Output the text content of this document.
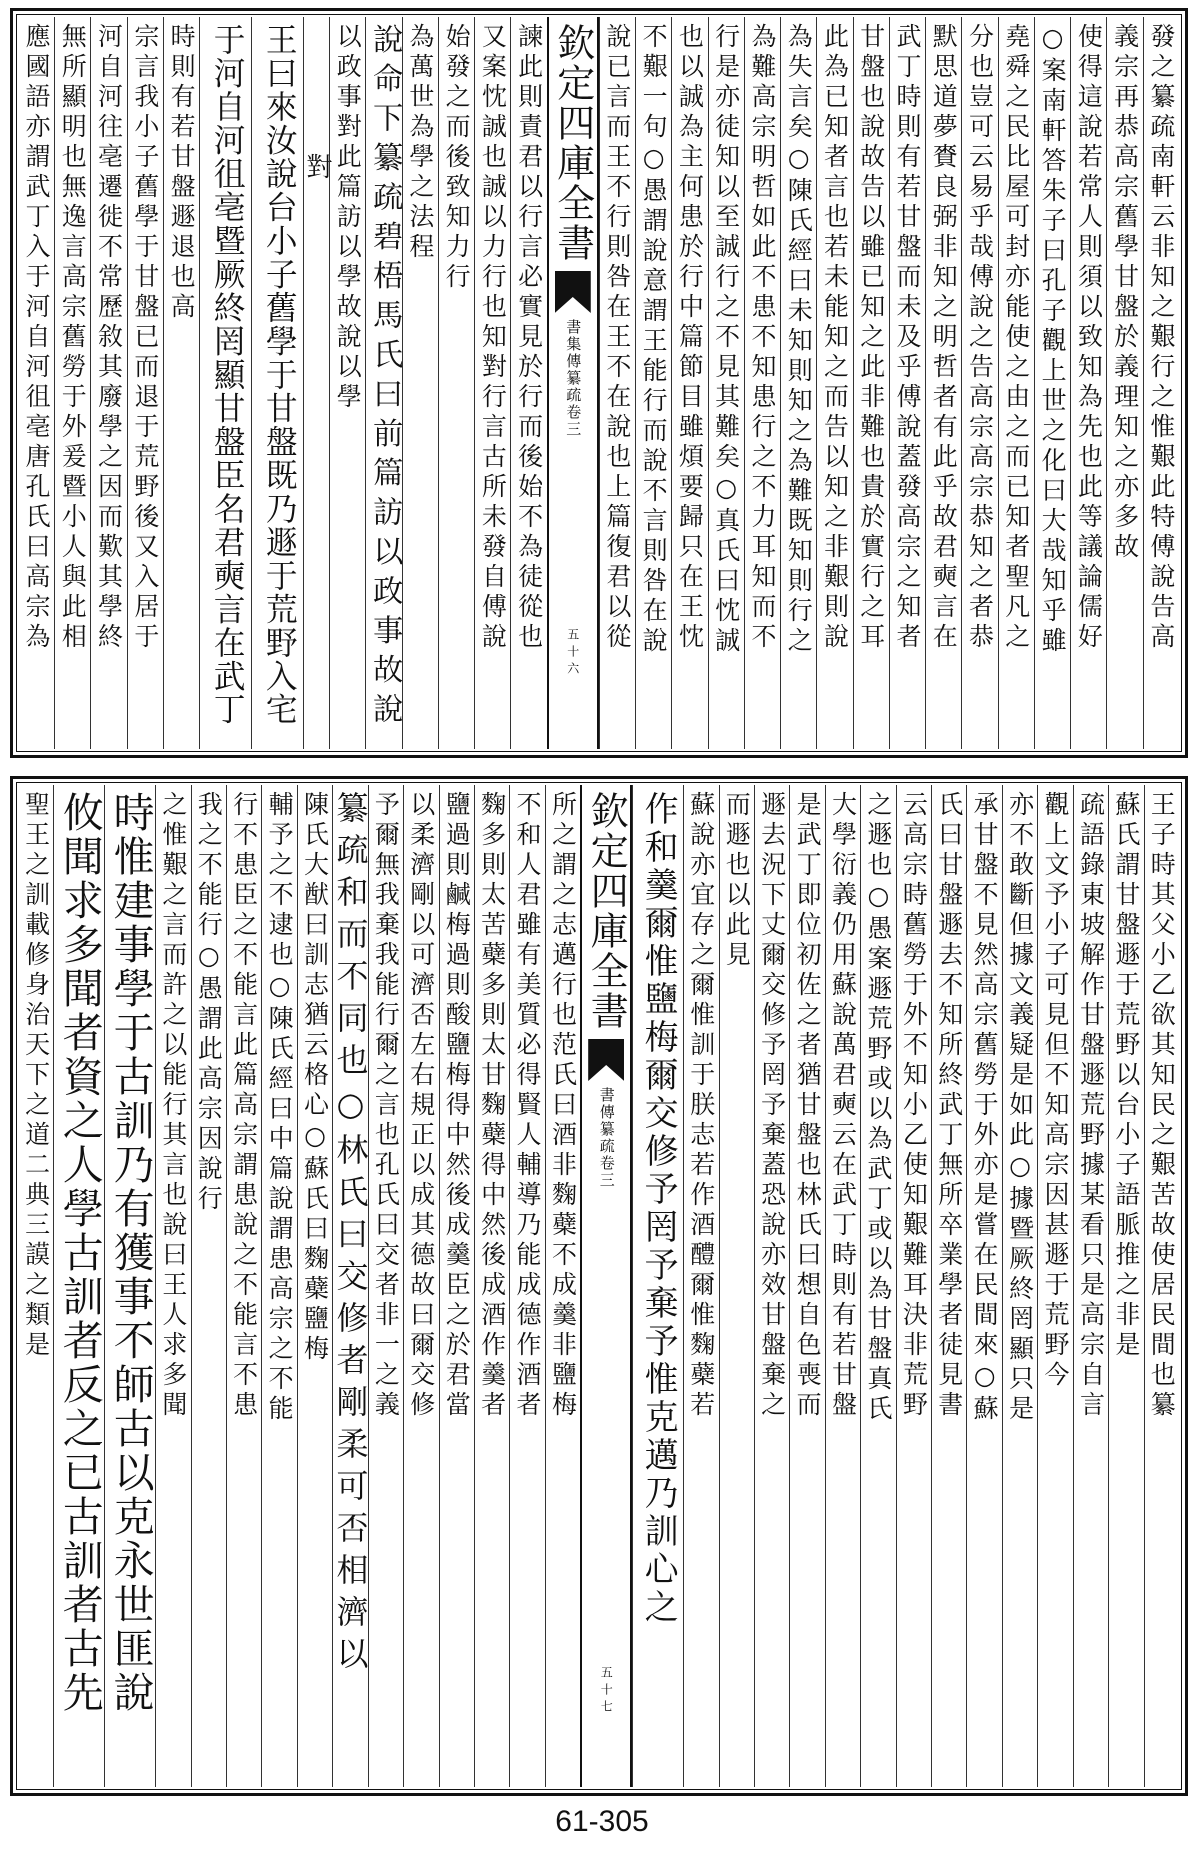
發之纂疏南軒云非知之艱行之惟艱此特傅說告高
義宗再恭高宗舊學甘盤於義理知之亦多故
使得這說若常人則須以致知為先也此等議論儒好
○案南軒答朱子曰孔子觀上世之化曰大哉知乎雖
堯舜之民比屋可封亦能使之由之而已知者聖凡之
分也豈可云易乎哉傅說之告高宗高宗恭知之者恭
默思道夢賚良弼非知之明哲者有此乎故君奭言在
武丁時則有若甘盤而未及乎傅說蓋發高宗之知者
甘盤也說故告以雖已知之此非難也貴於實行之耳
此為已知者言也若未能知之而告以知之非艱則說
為失言矣○陳氏經曰未知則知之為難既知則行之
為難高宗明哲如此不患不知患行之不力耳知而不
行是亦徒知以至誠行之不見其難矣○真氏曰忱誠
也以誠為主何患於行中篇節目雖煩要歸只在王忱
不艱一句○愚謂說意謂王能行而說不言則咎在說
說已言而王不行則咎在王不在說也上篇復君以從
欽定四庫全書
書集傳纂疏卷三
五十六
諫此則責君以行言必實見於行而後始不為徒從也
又案忱誠也誠以力行也知對行言古所未發自傅說
始發之而後致知力行
為萬世為學之法程
說命下纂疏碧梧馬氏曰前篇訪以政事故說
以政事對此篇訪以學故說以學
對
王曰來汝說台小子舊學于甘盤既乃遯于荒野入宅
于河自河徂亳暨厥終罔顯甘盤臣名君奭言在武丁
時則有若甘盤遯退也高
宗言我小子舊學于甘盤已而退于荒野後又入居于
河自河往亳遷徙不常歷敘其廢學之因而歎其學終
無所顯明也無逸言高宗舊勞于外爰暨小人與此相
應國語亦謂武丁入于河自河徂亳唐孔氏曰高宗為
王子時其父小乙欲其知民之艱苦故使居民間也纂
蘇氏謂甘盤遯于荒野以台小子語脈推之非是
疏語錄東坡解作甘盤遯荒野據某看只是高宗自言
觀上文予小子可見但不知高宗因甚遯于荒野今
亦不敢斷但據文義疑是如此○據暨厥終罔顯只是
承甘盤不見然高宗舊勞于外亦是嘗在民間來○蘇
氏曰甘盤遯去不知所終武丁無所卒業學者徒見書
云高宗時舊勞于外不知小乙使知艱難耳決非荒野
之遯也○愚案遯荒野或以為武丁或以為甘盤真氏
大學衍義仍用蘇說萬君奭云在武丁時則有若甘盤
是武丁即位初佐之者猶甘盤也林氏曰想自色喪而
遯去況下丈爾交修予罔予棄蓋恐說亦效甘盤棄之
而遯也以此見
蘇說亦宜存之爾惟訓于朕志若作酒醴爾惟麴蘗若
作和羹爾惟鹽梅爾交修予罔予棄予惟克邁乃訓心之
欽定四庫全書
書傳纂疏卷三
五十七
所之謂之志邁行也范氏曰酒非麴蘗不成羹非鹽梅
不和人君雖有美質必得賢人輔導乃能成德作酒者
麴多則太苦蘗多則太甘麴蘗得中然後成酒作羹者
鹽過則鹹梅過則酸鹽梅得中然後成羹臣之於君當
以柔濟剛以可濟否左右規正以成其德故曰爾交修
予爾無我棄我能行爾之言也孔氏曰交者非一之義
纂疏和而不同也○林氏曰交修者剛柔可否相濟以
陳氏大猷曰訓志猶云格心○蘇氏曰麴蘗鹽梅
輔予之不逮也○陳氏經曰中篇說謂患高宗之不能
行不患臣之不能言此篇高宗謂患說之不能言不患
我之不能行○愚謂此高宗因說行
之惟艱之言而許之以能行其言也說曰王人求多聞
時惟建事學于古訓乃有獲事不師古以克永世匪說
攸聞求多聞者資之人學古訓者反之已古訓者古先
聖王之訓載修身治天下之道二典三謨之類是
61-305
